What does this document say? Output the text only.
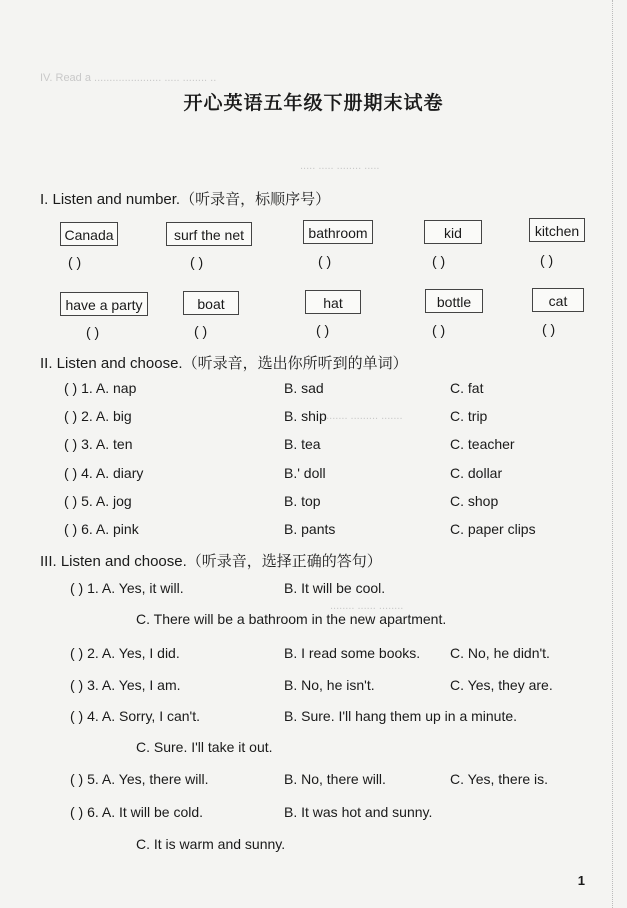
IV. Read a ...................... ..... ........ ..
..... ..... ........ .....
......... ......... .......
........ ...... ........
开心英语五年级下册期末试卷
I. Listen and number.（听录音，标顺序号）
Canada	surf the net	bathroom	kid	kitchen
( )	( )	( )	( )	( )
have a party	boat	hat	bottle	cat
( )	( )	( )	( )	( )
II. Listen and choose.（听录音，选出你所听到的单词）
( ) 1. A. nap	B. sad	C. fat
( ) 2. A. big	B. ship	C. trip
( ) 3. A. ten	B. tea	C. teacher
( ) 4. A. diary	B.' doll	C. dollar
( ) 5. A. jog	B. top	C. shop
( ) 6. A. pink	B. pants	C. paper clips
III. Listen and choose.（听录音，选择正确的答句）
( ) 1. A. Yes, it will.	B. It will be cool.
C. There will be a bathroom in the new apartment.
( ) 2. A. Yes, I did.	B. I read some books. C. No, he didn't.
( ) 3. A. Yes, I am.	B. No, he isn't.	C. Yes, they are.
( ) 4. A. Sorry, I can't.	B. Sure. I'll hang them up in a minute.
C. Sure. I'll take it out.
( ) 5. A. Yes, there will.	B. No, there will.	C. Yes, there is.
( ) 6. A. It will be cold.	B. It was hot and sunny.
C. It is warm and sunny.
1
